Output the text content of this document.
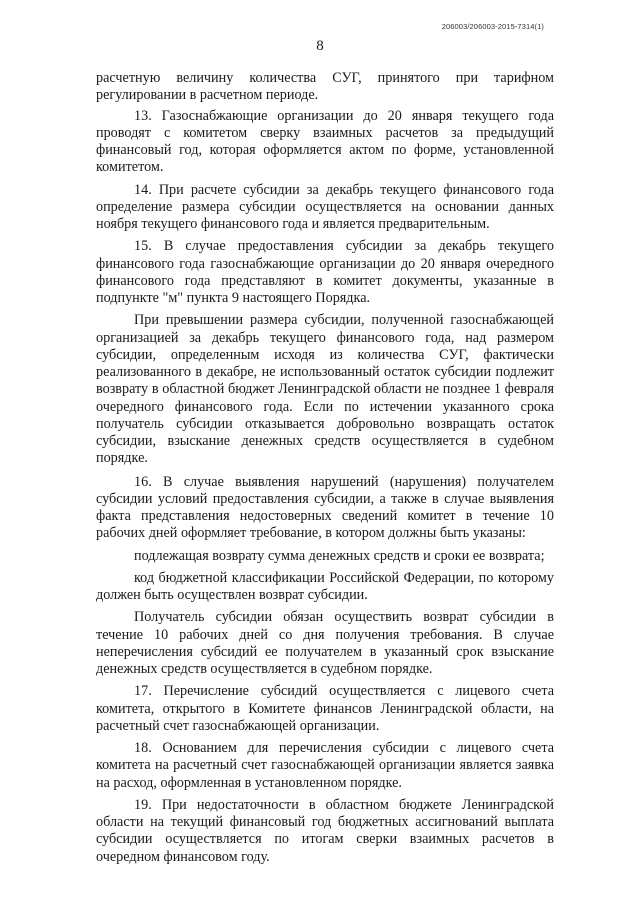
206003/206003-2015-7314(1)
8

расчетную величину количества СУГ, принятого при тарифном регулировании в расчетном периоде.

13. Газоснабжающие организации до 20 января текущего года проводят с комитетом сверку взаимных расчетов за предыдущий финансовый год, которая оформляется актом по форме, установленной комитетом.

14. При расчете субсидии за декабрь текущего финансового года определение размера субсидии осуществляется на основании данных ноября текущего финансового года и является предварительным.

15. В случае предоставления субсидии за декабрь текущего финансового года газоснабжающие организации до 20 января очередного финансового года представляют в комитет документы, указанные в подпункте "м" пункта 9 настоящего Порядка.

При превышении размера субсидии, полученной газоснабжающей организацией за декабрь текущего финансового года, над размером субсидии, определенным исходя из количества СУГ, фактически реализованного в декабре, не использованный остаток субсидии подлежит возврату в областной бюджет Ленинградской области не позднее 1 февраля очередного финансового года. Если по истечении указанного срока получатель субсидии отказывается добровольно возвращать остаток субсидии, взыскание денежных средств осуществляется в судебном порядке.

16. В случае выявления нарушений (нарушения) получателем субсидии условий предоставления субсидии, а также в случае выявления факта представления недостоверных сведений комитет в течение 10 рабочих дней оформляет требование, в котором должны быть указаны:

подлежащая возврату сумма денежных средств и сроки ее возврата;

код бюджетной классификации Российской Федерации, по которому должен быть осуществлен возврат субсидии.

Получатель субсидии обязан осуществить возврат субсидии в течение 10 рабочих дней со дня получения требования. В случае неперечисления субсидий ее получателем в указанный срок взыскание денежных средств осуществляется в судебном порядке.

17. Перечисление субсидий осуществляется с лицевого счета комитета, открытого в Комитете финансов Ленинградской области, на расчетный счет газоснабжающей организации.

18. Основанием для перечисления субсидии с лицевого счета комитета на расчетный счет газоснабжающей организации является заявка на расход, оформленная в установленном порядке.

19. При недостаточности в областном бюджете Ленинградской области на текущий финансовый год бюджетных ассигнований выплата субсидии осуществляется по итогам сверки взаимных расчетов в очередном финансовом году.
